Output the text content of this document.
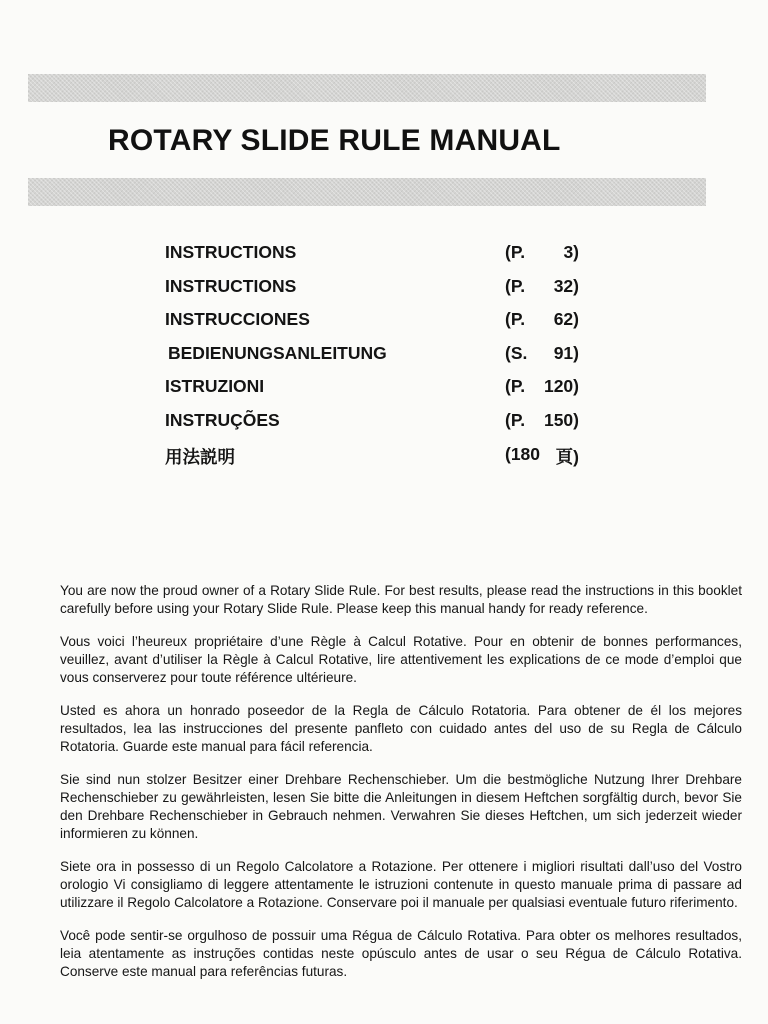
ROTARY SLIDE RULE MANUAL
INSTRUCTIONS	(P. 3)
INSTRUCTIONS	(P. 32)
INSTRUCCIONES	(P. 62)
BEDIENUNGSANLEITUNG	(S. 91)
ISTRUZIONI	(P. 120)
INSTRUÇÕES	(P. 150)
用法説明	(180 頁)

You are now the proud owner of a Rotary Slide Rule. For best results, please read the instructions in this booklet carefully before using your Rotary Slide Rule. Please keep this manual handy for ready reference.

Vous voici l’heureux propriétaire d’une Règle à Calcul Rotative. Pour en obtenir de bonnes performances, veuillez, avant d’utiliser la Règle à Calcul Rotative, lire attentivement les explications de ce mode d’emploi que vous conserverez pour toute référence ultérieure.

Usted es ahora un honrado poseedor de la Regla de Cálculo Rotatoria. Para obtener de él los mejores resultados, lea las instrucciones del presente panfleto con cuidado antes del uso de su Regla de Cálculo Rotatoria. Guarde este manual para fácil referencia.

Sie sind nun stolzer Besitzer einer Drehbare Rechenschieber. Um die bestmögliche Nutzung Ihrer Drehbare Rechenschieber zu gewährleisten, lesen Sie bitte die Anleitungen in diesem Heftchen sorgfältig durch, bevor Sie den Drehbare Rechenschieber in Gebrauch nehmen. Verwahren Sie dieses Heftchen, um sich jederzeit wieder informieren zu können.

Siete ora in possesso di un Regolo Calcolatore a Rotazione. Per ottenere i migliori risultati dall’uso del Vostro orologio Vi consigliamo di leggere attentamente le istruzioni contenute in questo manuale prima di passare ad utilizzare il Regolo Calcolatore a Rotazione. Conservare poi il manuale per qualsiasi eventuale futuro riferimento.

Você pode sentir-se orgulhoso de possuir uma Régua de Cálculo Rotativa. Para obter os melhores resultados, leia atentamente as instruções contidas neste opúsculo antes de usar o seu Régua de Cálculo Rotativa. Conserve este manual para referências futuras.
